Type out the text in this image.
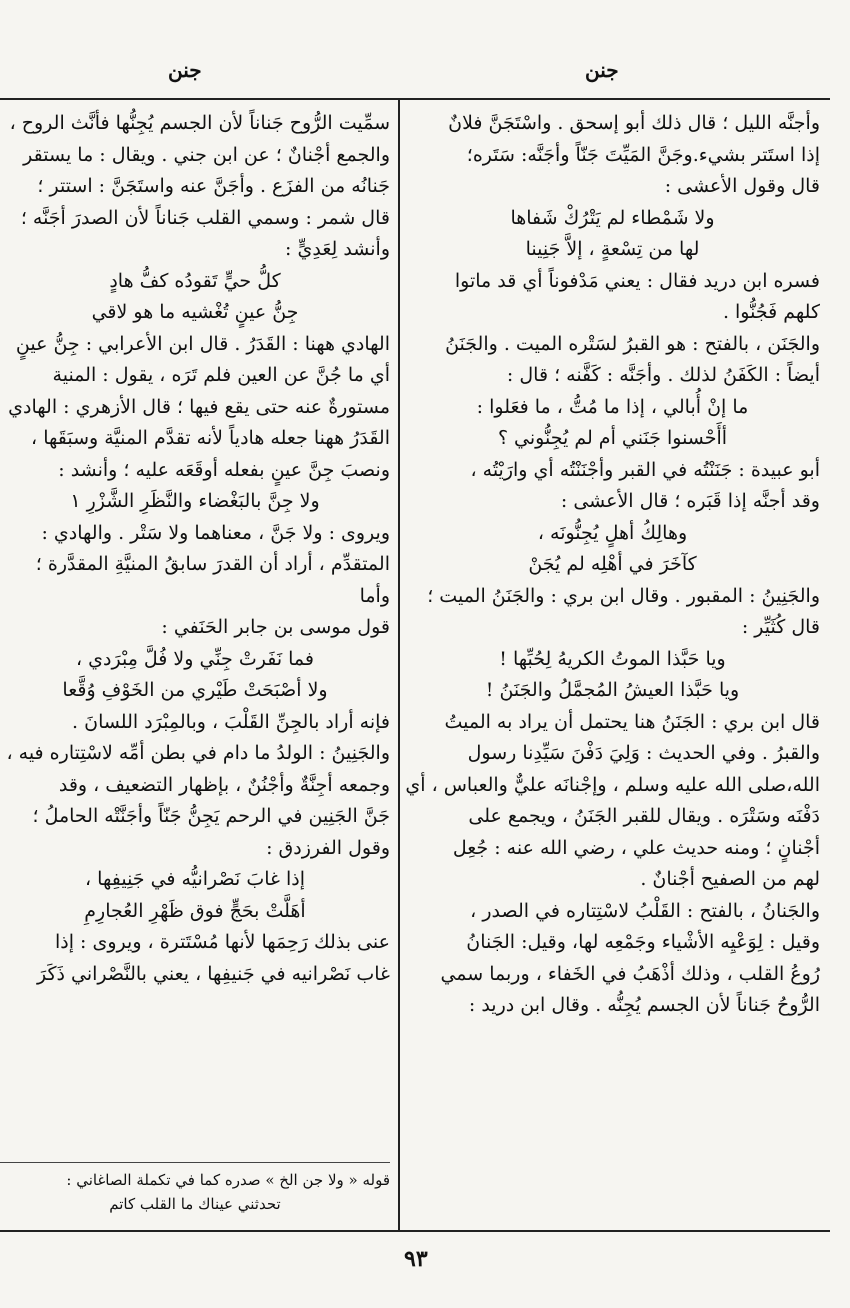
جنن
جنن
وأجنَّه الليل ؛ قال ذلك أبو إسحق . واسْتَجَنَّ فلانٌ
إذا استَتر بشيء.وجَنَّ المَيِّتَ جَنّاً وأجَنَّه: سَتَره؛
قال وقول الأعشى :
ولا شَمْطاء لم يَتْرُكْ شَفاها
لها من تِسْعةٍ ، إلاَّ جَنِينا
فسره ابن دريد فقال : يعني مَدْفوناً أي قد ماتوا
كلهم فَجُنُّوا .
والجَنَن ، بالفتح : هو القبرُ لسَتْره الميت . والجَنَنُ
أيضاً : الكَفَنُ لذلك . وأجَنَّه : كَفَّنه ؛ قال :
ما إنْ أُبالي ، إذا ما مُتُّ ، ما فعَلوا :
أأَحْسنوا جَنَني أم لم يُجِنُّوني ؟
أبو عبيدة : جَنَنْتُه في القبر وأجْنَنْتُه أي وارَيْتُه ،
وقد أجنَّه إذا قَبَره ؛ قال الأعشى :
وهالِكُ أهلٍ يُجِنُّونَه ،
كآخَرَ في أهْلِه لم يُجَنْ
والجَنِينُ : المقبور . وقال ابن بري : والجَنَنُ الميت ؛
قال كُثَيِّر :
ويا حَبَّذا الموتُ الكريهُ لِحُبِّها !
ويا حَبَّذا العيشُ المُجمَّلُ والجَنَنُ !
قال ابن بري : الجَنَنُ هنا يحتمل أن يراد به الميتُ
والقبرُ . وفي الحديث : وَلِيَ دَفْنَ سَيِّدِنا رسول
الله،صلى الله عليه وسلم ، وإجْنانَه عليٌّ والعباس ، أي
دَفْنَه وسَتْرَه . ويقال للقبر الجَنَنُ ، ويجمع على
أجْنانٍ ؛ ومنه حديث علي ، رضي الله عنه : جُعِل
لهم من الصفيح أجْنانٌ .
والجَنانُ ، بالفتح : القَلْبُ لاسْتِتاره في الصدر ،
وقيل : لِوَعْيِه الأشْياء وجَمْعِه لها، وقيل: الجَنانُ
رُوعُ القلب ، وذلك أذْهَبُ في الخَفاء ، وربما سمي
الرُّوحُ جَناناً لأن الجسم يُجِنُّه . وقال ابن دريد :
سمِّيت الرُّوح جَناناً لأن الجسم يُجِنُّها فأنَّث الروح ،
والجمع أجْنانٌ ؛ عن ابن جني . ويقال : ما يستقر
جَنانُه من الفزَع . وأجَنَّ عنه واستَجَنَّ : استتر ؛
قال شمر : وسمي القلب جَناناً لأن الصدرَ أجَنَّه ؛
وأنشد لِعَدِيٍّ :
كلُّ حيٍّ تَقودُه كفُّ هادٍ
جِنُّ عينٍ تُغْشيه ما هو لاقي
الهادي ههنا : القَدَرُ . قال ابن الأعرابي : جِنُّ عينٍ
أي ما جُنَّ عن العين فلم تَرَه ، يقول : المنية
مستورةٌ عنه حتى يقع فيها ؛ قال الأزهري : الهادي
القَدَرُ ههنا جعله هادياً لأنه تقدَّم المنيَّة وسبَقَها ،
ونصبَ جِنَّ عينٍ بفعله أوقَعَه عليه ؛ وأنشد :
ولا جِنَّ بالبَغْضاء والنَّظَرِ الشَّزْرِ ١
ويروى : ولا جَنَّ ، معناهما ولا سَتْر . والهادي :
المتقدِّم ، أراد أن القدرَ سابقُ المنيَّةِ المقدَّرة ؛ وأما
قول موسى بن جابر الحَنَفي :
فما نَفَرتْ جِنِّي ولا فُلَّ مِبْرَدي ،
ولا أصْبَحَتْ طَيْري من الخَوْفِ وُقَّعا
فإنه أراد بالجِنِّ القَلْبَ ، وبالمِبْرَد اللسانَ .
والجَنِينُ : الولدُ ما دام في بطن أمِّه لاسْتِتاره فيه ،
وجمعه أجِنَّةٌ وأجْنُنٌ ، بإظهار التضعيف ، وقد
جَنَّ الجَنِين في الرحم يَجِنُّ جَنّاً وأجَنَّتْه الحاملُ ؛
وقول الفرزدق :
إذا غابَ نَصْرانيُّه في جَنِيفِها ،
أهَلَّتْ بحَجٍّ فوق ظَهْرِ العُجارِمِ
عنى بذلك رَحِمَها لأنها مُسْتَترة ، ويروى : إذا
غاب نَصْرانيه في جَنيفِها ، يعني بالنَّصْراني ذَكَرَ
قوله « ولا جن الخ » صدره كما في تكملة الصاغاني :
تحدثني عيناك ما القلب كاتم
٩٣
